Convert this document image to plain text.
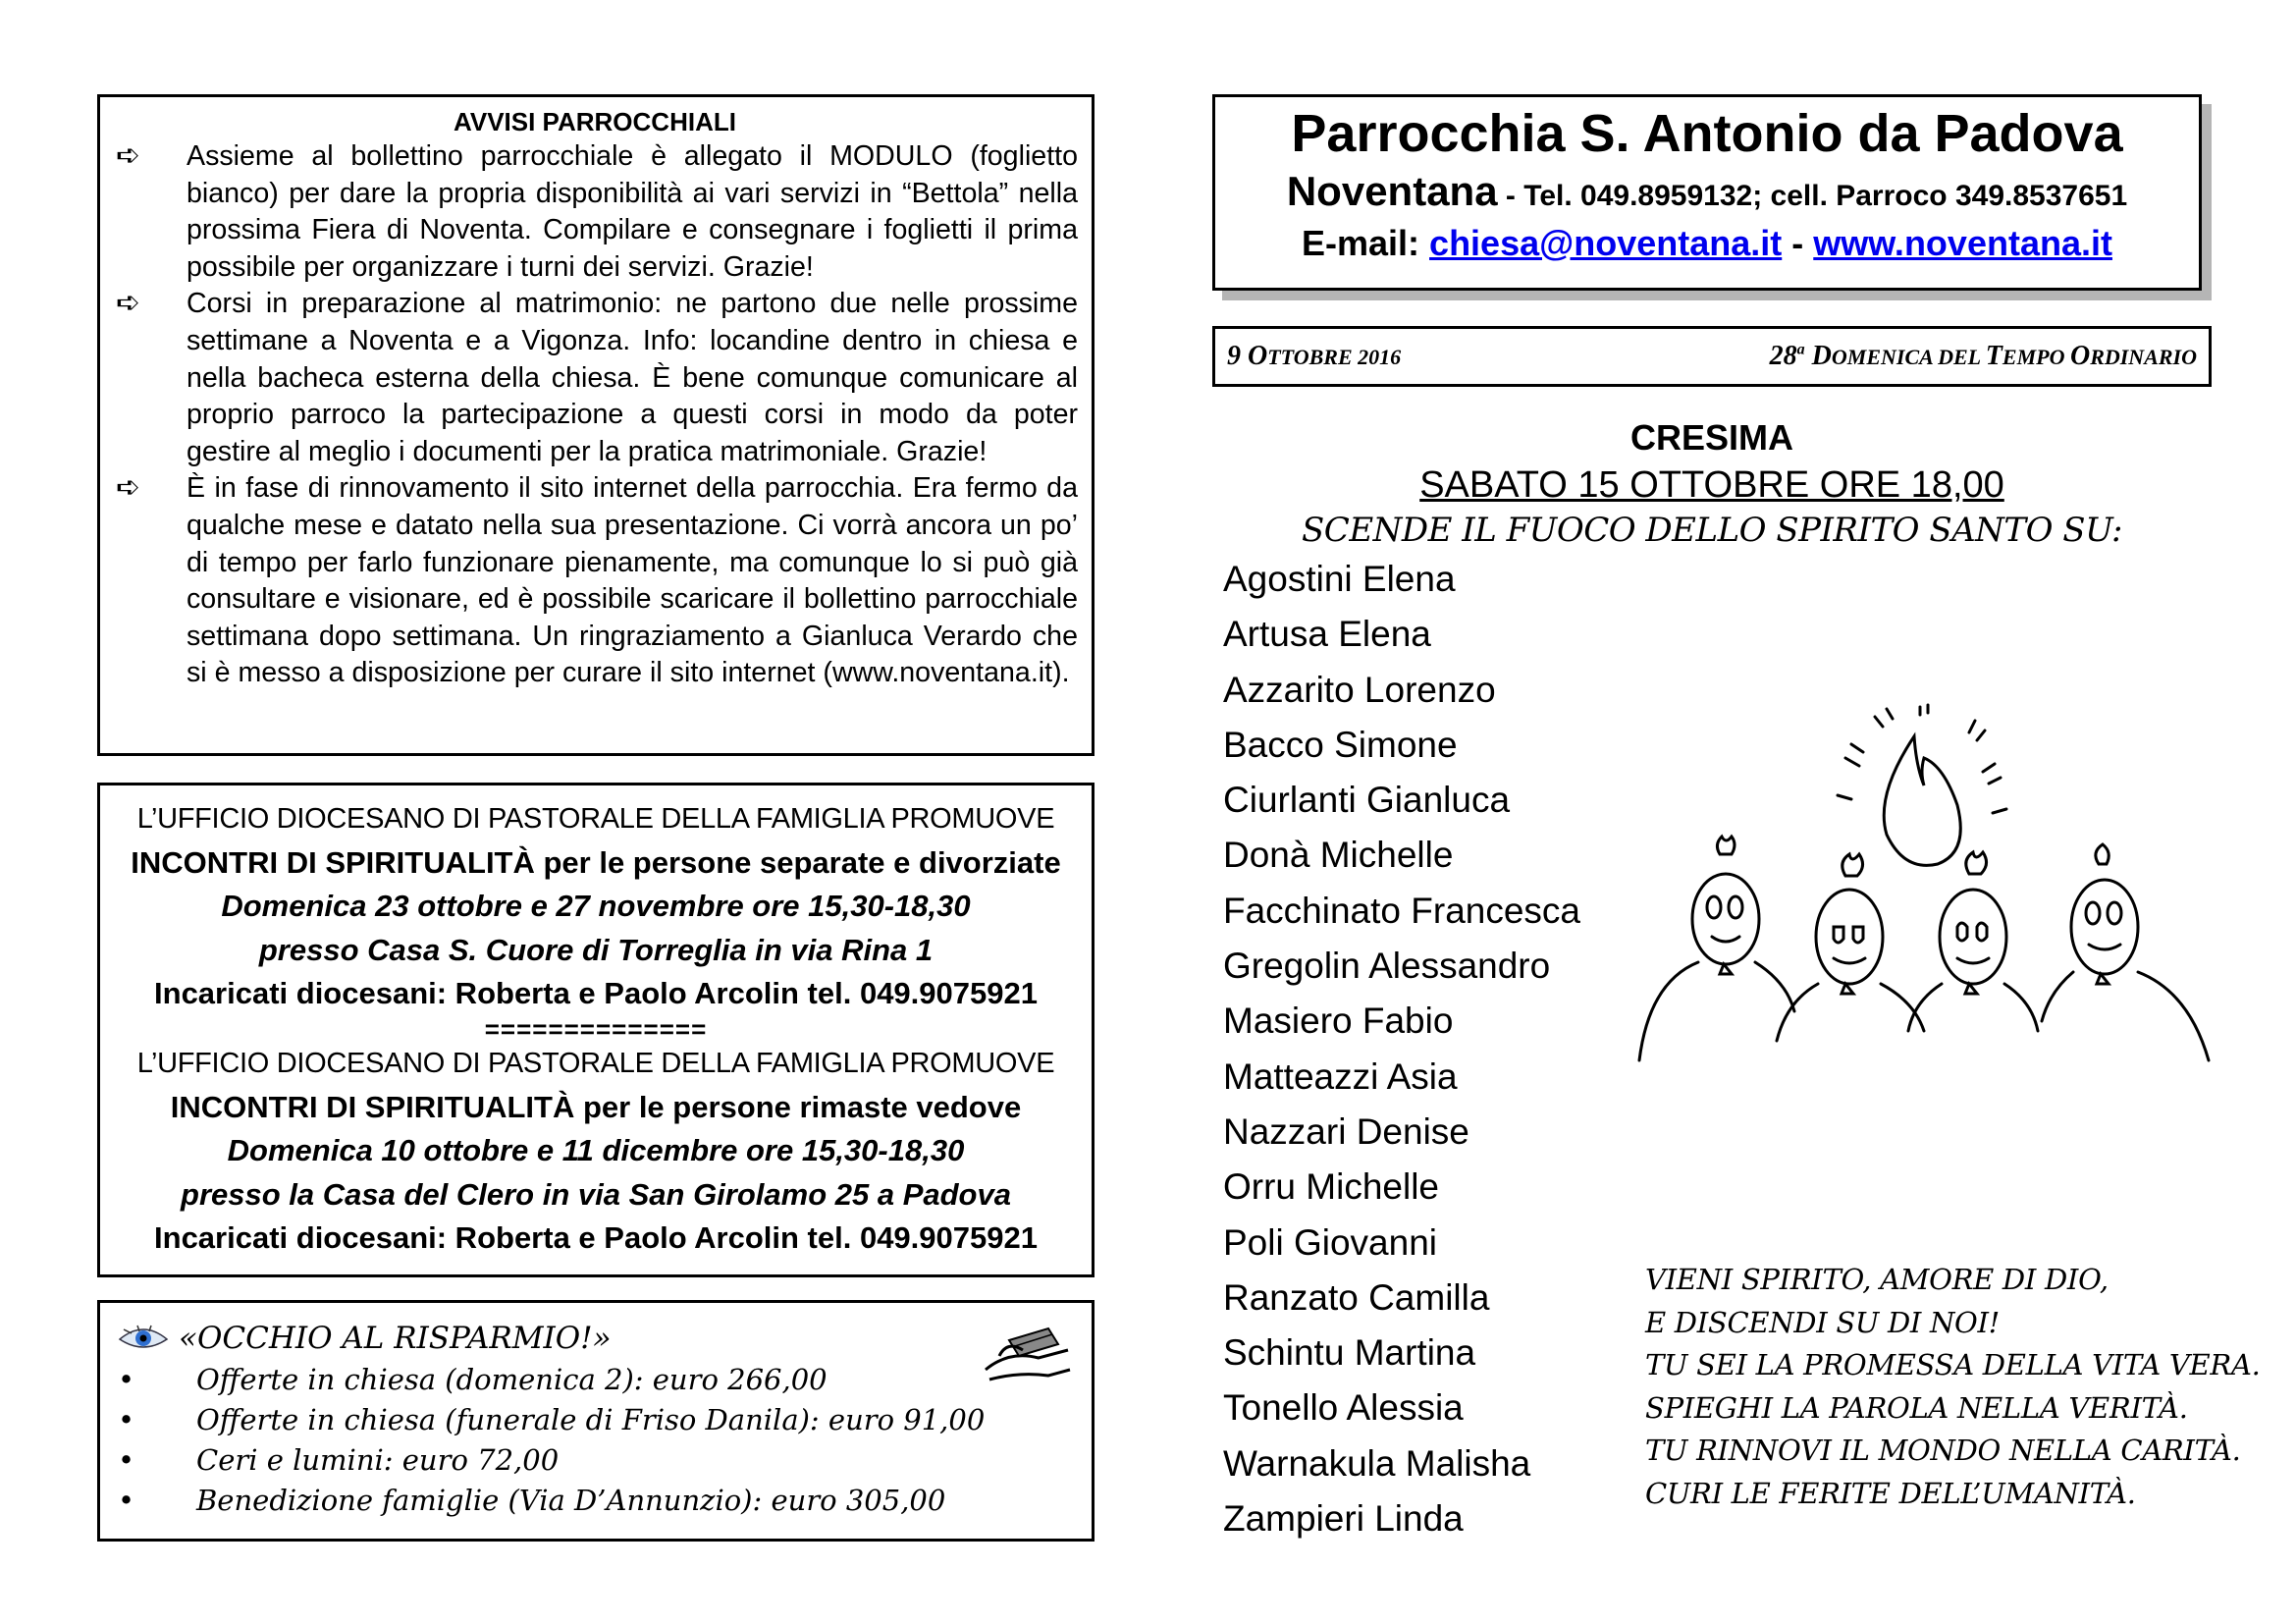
AVVISI PARROCCHIALI
➪	Assieme al bollettino parrocchiale è allegato il MODULO (foglietto bianco) per dare la propria disponibilità ai vari servizi in “Bettola” nella prossima Fiera di Noventa. Compilare e consegnare i foglietti il prima possibile per organizzare i turni dei servizi. Grazie!

➪	Corsi in preparazione al matrimonio: ne partono due nelle prossime settimane a Noventa e a Vigonza. Info: locandine dentro in chiesa e nella bacheca esterna della chiesa. È bene comunque comunicare al proprio parroco la partecipazione a questi corsi in modo da poter gestire al meglio i documenti per la pratica matrimoniale. Grazie!

➪	È in fase di rinnovamento il sito internet della parrocchia. Era fermo da qualche mese e datato nella sua presentazione. Ci vorrà ancora un po’ di tempo per farlo funzionare pienamente, ma comunque lo si può già consultare e visionare, ed è possibile scaricare il bollettino parrocchiale settimana dopo settimana. Un ringraziamento a Gianluca Verardo che si è messo a disposizione per curare il sito internet (www.noventana.it).

L’UFFICIO DIOCESANO DI PASTORALE DELLA FAMIGLIA PROMUOVE
INCONTRI DI SPIRITUALITÀ per le persone separate e divorziate
Domenica 23 ottobre e 27 novembre ore 15,30-18,30
presso Casa S. Cuore di Torreglia in via Rina 1
Incaricati diocesani: Roberta e Paolo Arcolin tel. 049.9075921
==============
L’UFFICIO DIOCESANO DI PASTORALE DELLA FAMIGLIA PROMUOVE
INCONTRI DI SPIRITUALITÀ per le persone rimaste vedove
Domenica 10 ottobre e 11 dicembre ore 15,30-18,30
presso la Casa del Clero in via San Girolamo 25 a Padova
Incaricati diocesani: Roberta e Paolo Arcolin tel. 049.9075921
«OCCHIO AL RISPARMIO!»
•	Offerte in chiesa (domenica 2): euro 266,00
•	Offerte in chiesa (funerale di Friso Danila): euro 91,00
•	Ceri e lumini: euro 72,00
•	Benedizione famiglie (Via D’Annunzio): euro 305,00
Parrocchia S. Antonio da Padova
Noventana - Tel. 049.8959132; cell. Parroco 349.8537651
E-mail: chiesa@noventana.it - www.noventana.it
9 OTTOBRE 2016	28$^a$ DOMENICA DEL TEMPO ORDINARIO
CRESIMA
SABATO 15 OTTOBRE ORE 18,00
SCENDE IL FUOCO DELLO SPIRITO SANTO SU:
Agostini Elena
Artusa Elena
Azzarito Lorenzo
Bacco Simone
Ciurlanti Gianluca
Donà Michelle
Facchinato Francesca
Gregolin Alessandro
Masiero Fabio
Matteazzi Asia
Nazzari Denise
Orru Michelle
Poli Giovanni
Ranzato Camilla
Schintu Martina
Tonello Alessia
Warnakula Malisha
Zampieri Linda
VIENI SPIRITO, AMORE DI DIO,
E DISCENDI SU DI NOI!
TU SEI LA PROMESSA DELLA VITA VERA.
SPIEGHI LA PAROLA NELLA VERITÀ.
TU RINNOVI IL MONDO NELLA CARITÀ.
CURI LE FERITE DELL’UMANITÀ.
